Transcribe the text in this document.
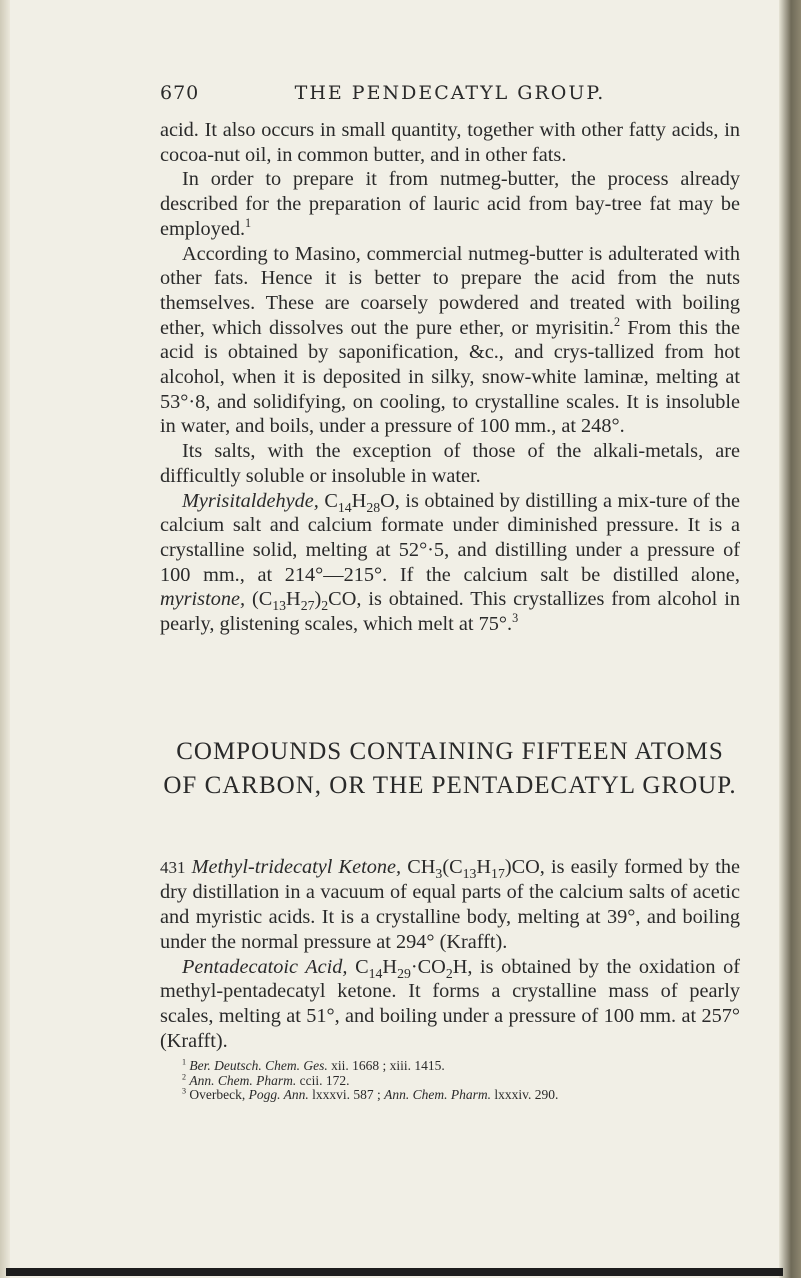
670	THE PENDECATYL GROUP.

acid. It also occurs in small quantity, together with other fatty acids, in cocoa-nut oil, in common butter, and in other fats.

In order to prepare it from nutmeg-butter, the process already described for the preparation of lauric acid from bay-tree fat may be employed.$^1$

According to Masino, commercial nutmeg-butter is adulterated with other fats. Hence it is better to prepare the acid from the nuts themselves. These are coarsely powdered and treated with boiling ether, which dissolves out the pure ether, or myrisitin.$^2$ From this the acid is obtained by saponification, &c., and crys-tallized from hot alcohol, when it is deposited in silky, snow-white laminæ, melting at 53°·8, and solidifying, on cooling, to crystalline scales. It is insoluble in water, and boils, under a pressure of 100 mm., at 248°.

Its salts, with the exception of those of the alkali-metals, are difficultly soluble or insoluble in water.

Myrisitaldehyde, $C_{14}H_{28}O$, is obtained by distilling a mix-ture of the calcium salt and calcium formate under diminished pressure. It is a crystalline solid, melting at 52°·5, and distilling under a pressure of 100 mm., at 214°—215°. If the calcium salt be distilled alone, myristone, $(C_{13}H_{27})_2CO$, is obtained. This crystallizes from alcohol in pearly, glistening scales, which melt at 75°.$^3$

COMPOUNDS CONTAINING FIFTEEN ATOMS OF CARBON, OR THE PENTADECATYL GROUP.

431 Methyl-tridecatyl Ketone, $CH_3(C_{13}H_{17})CO$, is easily formed by the dry distillation in a vacuum of equal parts of the calcium salts of acetic and myristic acids. It is a crystalline body, melting at 39°, and boiling under the normal pressure at 294° (Krafft).

Pentadecatoic Acid, $C_{14}H_{29}\cdot CO_2H$, is obtained by the oxidation of methyl-pentadecatyl ketone. It forms a crystalline mass of pearly scales, melting at 51°, and boiling under a pressure of 100 mm. at 257° (Krafft).

$^1$ Ber. Deutsch. Chem. Ges. xii. 1668 ; xiii. 1415.
$^2$ Ann. Chem. Pharm. ccii. 172.
$^3$ Overbeck, Pogg. Ann. lxxxvi. 587 ; Ann. Chem. Pharm. lxxxiv. 290.
